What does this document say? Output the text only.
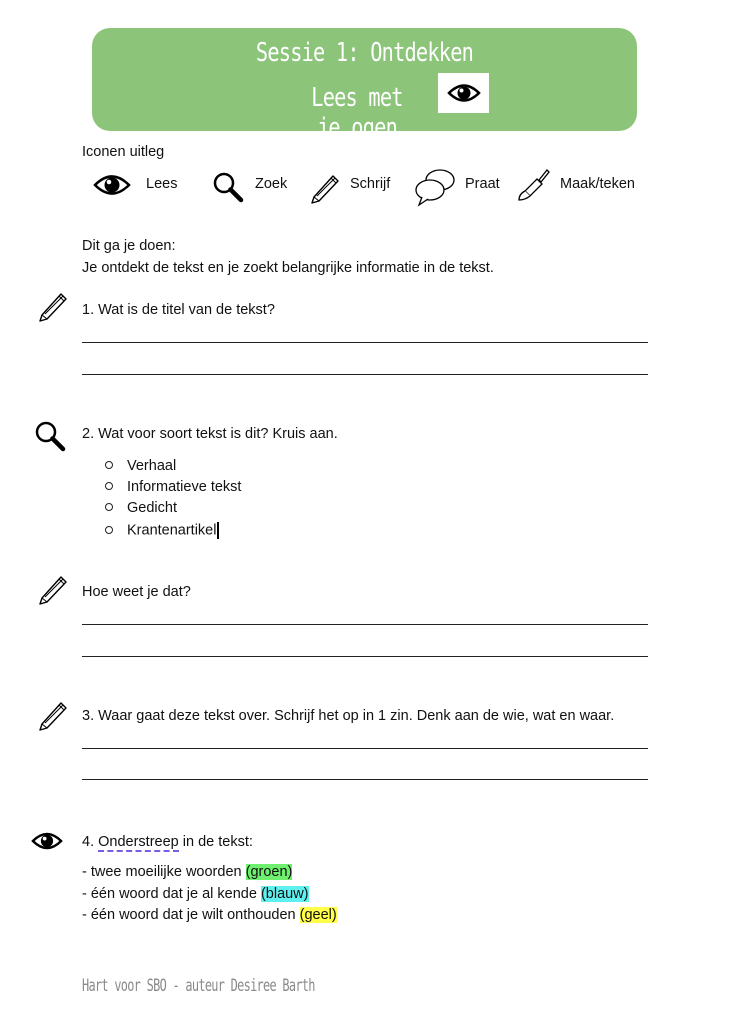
Sessie 1: Ontdekken
Lees met je ogen
Iconen uitleg
Lees	Zoek	Schrijf	Praat	Maak/teken
Dit ga je doen:
Je ontdekt de tekst en je zoekt belangrijke informatie in de tekst.
1. Wat is de titel van de tekst?
2. Wat voor soort tekst is dit? Kruis aan.
Verhaal
Informatieve tekst
Gedicht
Krantenartikel
Hoe weet je dat?
3. Waar gaat deze tekst over. Schrijf het op in 1 zin. Denk aan de wie, wat en waar.
4. Onderstreep in de tekst:
- twee moeilijke woorden (groen)
- één woord dat je al kende (blauw)
- één woord dat je wilt onthouden (geel)
Hart voor SBO - auteur Desiree Barth
